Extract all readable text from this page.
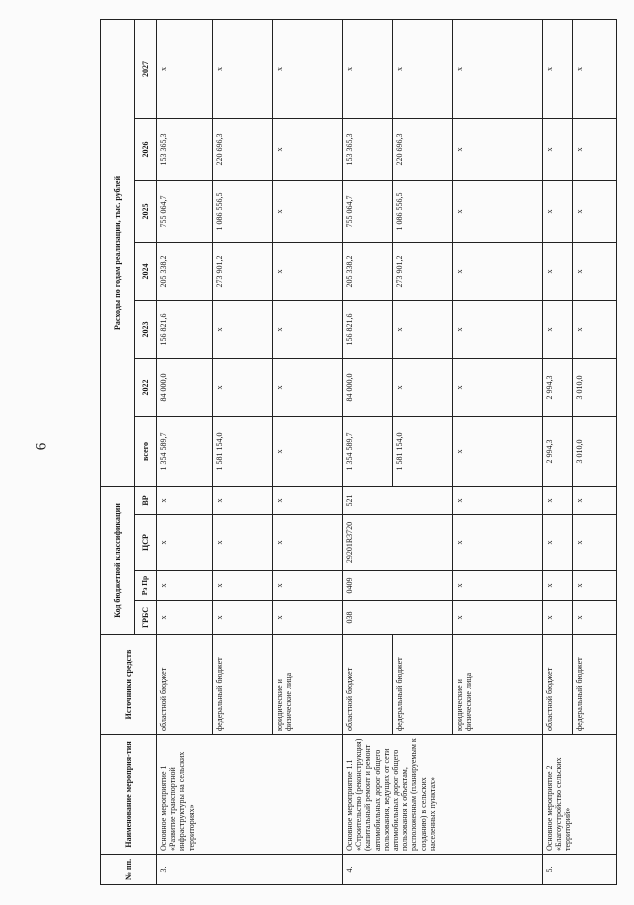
6
№ пп.	Наименование мероприя-тия	Источники средств	Код бюджетной классификации				Расходы по годам реализации, тыс. рублей						
			ГРБС	Рз Пр	ЦСР	ВР	всего	2022	2023	2024	2025	2026	2027
3.	Основное мероприятие 1 «Развитие транспортной инфраструктуры на сельских территориях»	областной бюджет	х	х	х	х	1 354 589,7	84 000,0	156 821,6	205 338,2	755 064,7	153 365,3	х
		федеральный бюджет	х	х	х	х	1 581 154,0	х	х	273 901,2	1 086 556,5	220 696,3	х
		юридические и физические лица	х	х	х	х	х	х	х	х	х	х	х
4.	Основное мероприятие 1.1 «Строительство (реконструкция)(капитальный ремонт и ремонт автомобильных дорог общего пользования, ведущих от сети автомобильных дорог общего пользования к объектам, расположенным (планируемым к созданию) в сельских населенных пунктах»	областной бюджет	038	0409	29201R3720	521	1 354 589,7	84 000,0	156 821,6	205 338,2	755 064,7	153 365,3	х
		федеральный бюджет					1 581 154,0	х	х	273 901,2	1 086 556,5	220 696,3	х
		юридические и физические лица	х	х	х	х	х	х	х	х	х	х	х
5.	Основное мероприятие 2 «Благоустройство сельских территорий»	областной бюджет	х	х	х	х	2 994,3	2 994,3	х	х	х	х	х
		федеральный бюджет	х	х	х	х	3 010,0	3 010,0	х	х	х	х	х
